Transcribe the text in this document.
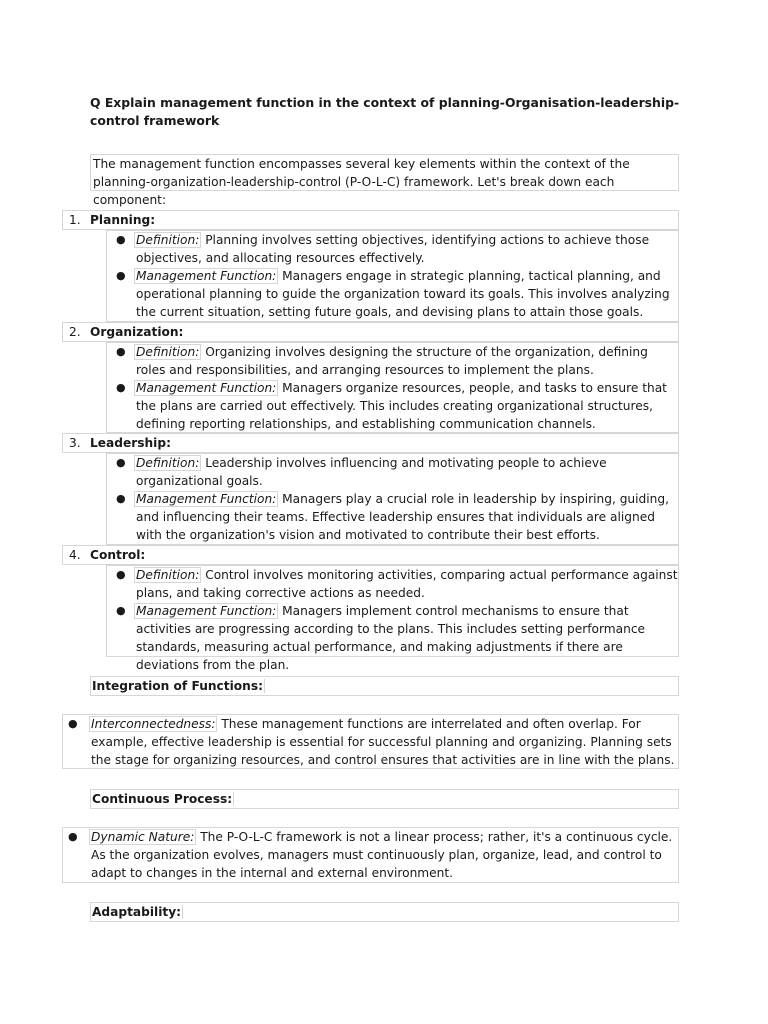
Q Explain management function in the context of planning-Organisation-leadership-control framework
The management function encompasses several key elements within the context of the planning-organization-leadership-control (P-O-L-C) framework. Let's break down each component:
1. Planning:
● Definition: Planning involves setting objectives, identifying actions to achieve those objectives, and allocating resources effectively.
● Management Function: Managers engage in strategic planning, tactical planning, and operational planning to guide the organization toward its goals. This involves analyzing the current situation, setting future goals, and devising plans to attain those goals.
2. Organization:
● Definition: Organizing involves designing the structure of the organization, defining roles and responsibilities, and arranging resources to implement the plans.
● Management Function: Managers organize resources, people, and tasks to ensure that the plans are carried out effectively. This includes creating organizational structures, defining reporting relationships, and establishing communication channels.
3. Leadership:
● Definition: Leadership involves influencing and motivating people to achieve organizational goals.
● Management Function: Managers play a crucial role in leadership by inspiring, guiding, and influencing their teams. Effective leadership ensures that individuals are aligned with the organization's vision and motivated to contribute their best efforts.
4. Control:
● Definition: Control involves monitoring activities, comparing actual performance against plans, and taking corrective actions as needed.
● Management Function: Managers implement control mechanisms to ensure that activities are progressing according to the plans. This includes setting performance standards, measuring actual performance, and making adjustments if there are deviations from the plan.
Integration of Functions:
● Interconnectedness: These management functions are interrelated and often overlap. For example, effective leadership is essential for successful planning and organizing. Planning sets the stage for organizing resources, and control ensures that activities are in line with the plans.
Continuous Process:
● Dynamic Nature: The P-O-L-C framework is not a linear process; rather, it's a continuous cycle. As the organization evolves, managers must continuously plan, organize, lead, and control to adapt to changes in the internal and external environment.
Adaptability:
